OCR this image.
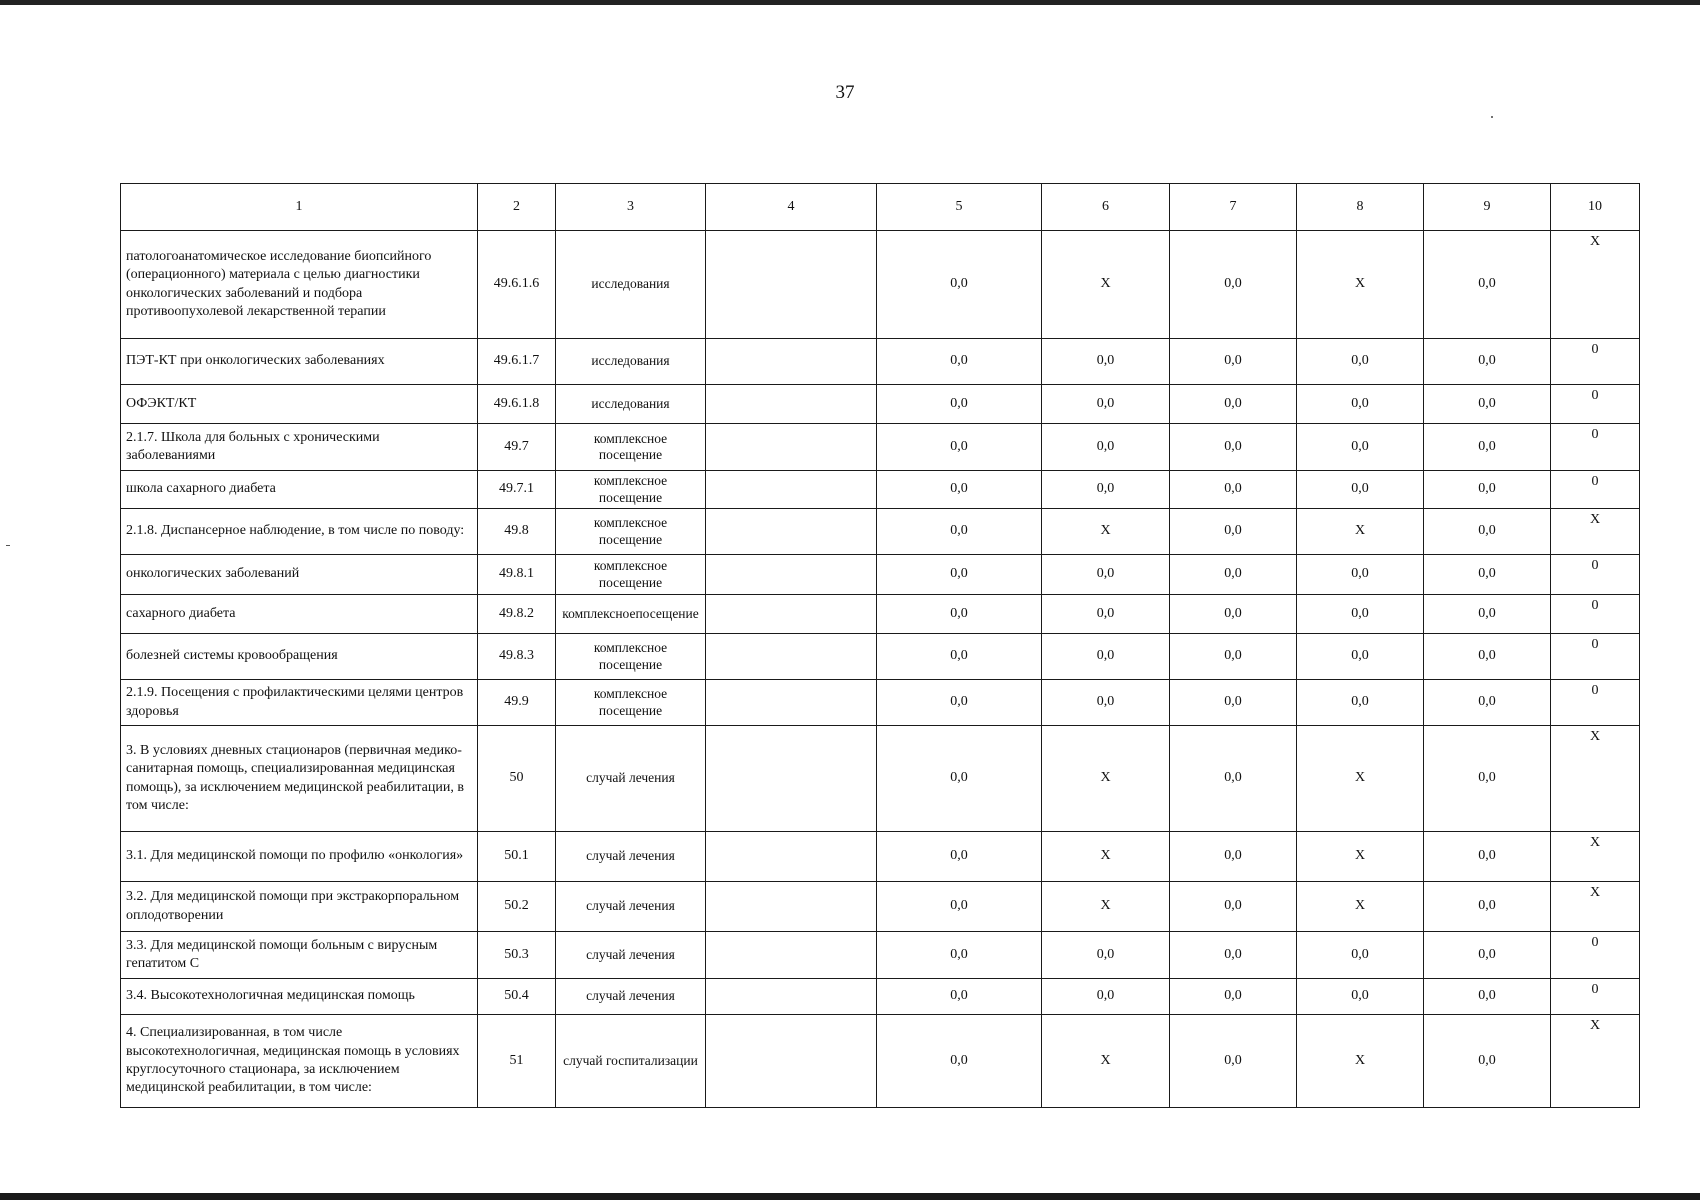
37
1	2	3	4	5	6	7	8	9	10
патологоанатомическое исследование биопсийного (операционного) материала с целью диагностики онкологических заболеваний и подбора противоопухолевой лекарственной терапии	49.6.1.6	исследования		0,0	Х	0,0	Х	0,0	Х
ПЭТ-КТ при онкологических заболеваниях	49.6.1.7	исследования		0,0	0,0	0,0	0,0	0,0	0
ОФЭКТ/КТ	49.6.1.8	исследования		0,0	0,0	0,0	0,0	0,0	0
2.1.7. Школа для больных с хроническими заболеваниями	49.7	комплексное посещение		0,0	0,0	0,0	0,0	0,0	0
школа сахарного диабета	49.7.1	комплексное посещение		0,0	0,0	0,0	0,0	0,0	0
2.1.8. Диспансерное наблюдение, в том числе по поводу:	49.8	комплексное посещение		0,0	Х	0,0	Х	0,0	Х
онкологических заболеваний	49.8.1	комплексное посещение		0,0	0,0	0,0	0,0	0,0	0
сахарного диабета	49.8.2	комплексноепосещение		0,0	0,0	0,0	0,0	0,0	0
болезней системы кровообращения	49.8.3	комплексное посещение		0,0	0,0	0,0	0,0	0,0	0
2.1.9. Посещения с профилактическими целями центров здоровья	49.9	комплексное посещение		0,0	0,0	0,0	0,0	0,0	0
3. В условиях дневных стационаров (первичная медико-санитарная помощь, специализированная медицинская помощь), за исключением медицинской реабилитации, в том числе:	50	случай лечения		0,0	Х	0,0	Х	0,0	Х
3.1. Для медицинской помощи по профилю «онкология»	50.1	случай лечения		0,0	Х	0,0	Х	0,0	Х
3.2. Для медицинской помощи при экстракорпоральном оплодотворении	50.2	случай лечения		0,0	Х	0,0	Х	0,0	Х
3.3. Для медицинской помощи больным с вирусным гепатитом С	50.3	случай лечения		0,0	0,0	0,0	0,0	0,0	0
3.4. Высокотехнологичная медицинская помощь	50.4	случай лечения		0,0	0,0	0,0	0,0	0,0	0
4. Специализированная, в том числе высокотехнологичная, медицинская помощь в условиях круглосуточного стационара, за исключением медицинской реабилитации, в том числе:	51	случай госпитализации		0,0	Х	0,0	Х	0,0	Х
